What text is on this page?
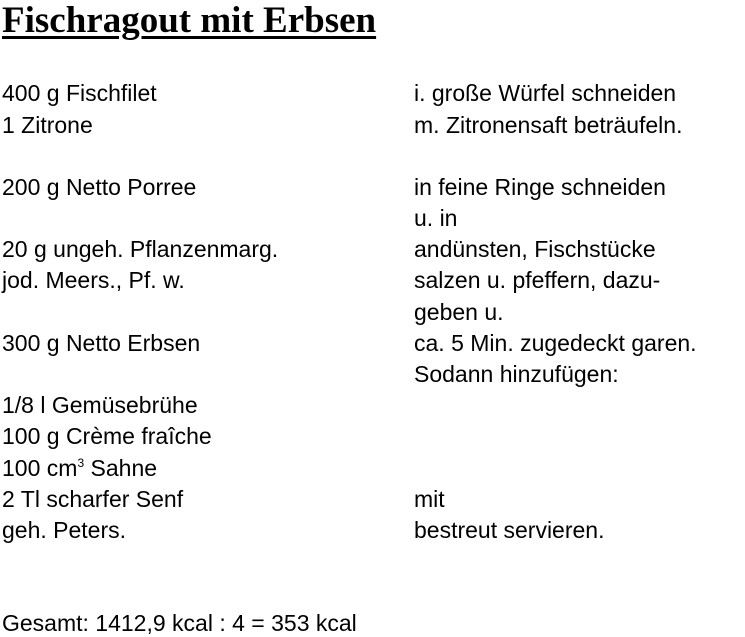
Fischragout mit Erbsen
400 g Fischfilet
1 Zitrone
200 g Netto Porree
20 g ungeh. Pflanzenmarg.
jod. Meers., Pf. w.
300 g Netto Erbsen
1/8 l Gemüsebrühe
100 g Crème fraîche
100 $cm^3$ Sahne
2 Tl scharfer Senf
geh. Peters.
i. große Würfel schneiden
m. Zitronensaft beträufeln.
in feine Ringe schneiden
u. in
andünsten, Fischstücke
salzen u. pfeffern, dazu-
geben u.
ca. 5 Min. zugedeckt garen.
Sodann hinzufügen:
mit
bestreut servieren.
Gesamt: 1412,9 kcal : 4 = 353 kcal
